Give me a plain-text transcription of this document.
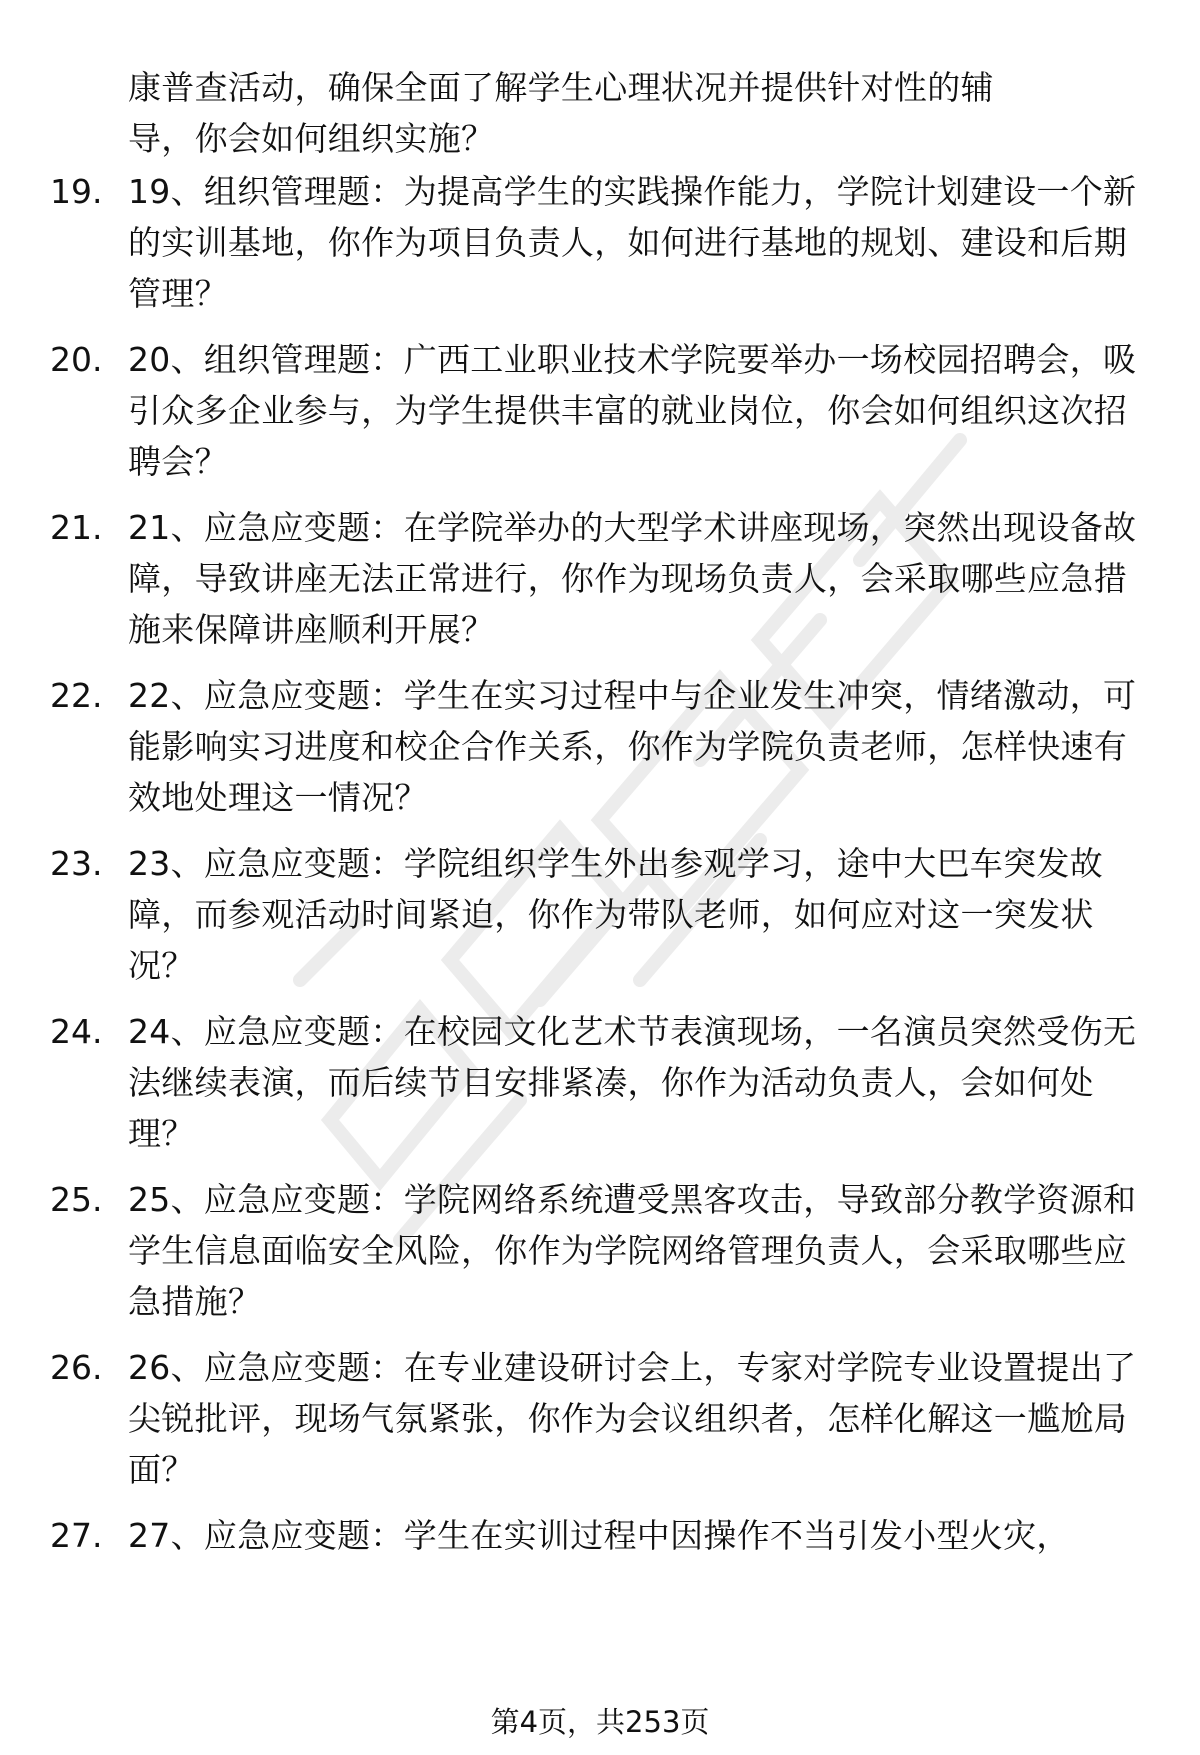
康普查活动，确保全面了解学生心理状况并提供针对性的辅导，你会如何组织实施？
19. 19、组织管理题：为提高学生的实践操作能力，学院计划建设一个新的实训基地，你作为项目负责人，如何进行基地的规划、建设和后期管理？
20. 20、组织管理题：广西工业职业技术学院要举办一场校园招聘会，吸引众多企业参与，为学生提供丰富的就业岗位，你会如何组织这次招聘会？
21. 21、应急应变题：在学院举办的大型学术讲座现场，突然出现设备故障，导致讲座无法正常进行，你作为现场负责人，会采取哪些应急措施来保障讲座顺利开展？
22. 22、应急应变题：学生在实习过程中与企业发生冲突，情绪激动，可能影响实习进度和校企合作关系，你作为学院负责老师，怎样快速有效地处理这一情况？
23. 23、应急应变题：学院组织学生外出参观学习，途中大巴车突发故障，而参观活动时间紧迫，你作为带队老师，如何应对这一突发状况？
24. 24、应急应变题：在校园文化艺术节表演现场，一名演员突然受伤无法继续表演，而后续节目安排紧凑，你作为活动负责人，会如何处理？
25. 25、应急应变题：学院网络系统遭受黑客攻击，导致部分教学资源和学生信息面临安全风险，你作为学院网络管理负责人，会采取哪些应急措施？
26. 26、应急应变题：在专业建设研讨会上，专家对学院专业设置提出了尖锐批评，现场气氛紧张，你作为会议组织者，怎样化解这一尴尬局面？
27. 27、应急应变题：学生在实训过程中因操作不当引发小型火灾，
第4页，共253页
